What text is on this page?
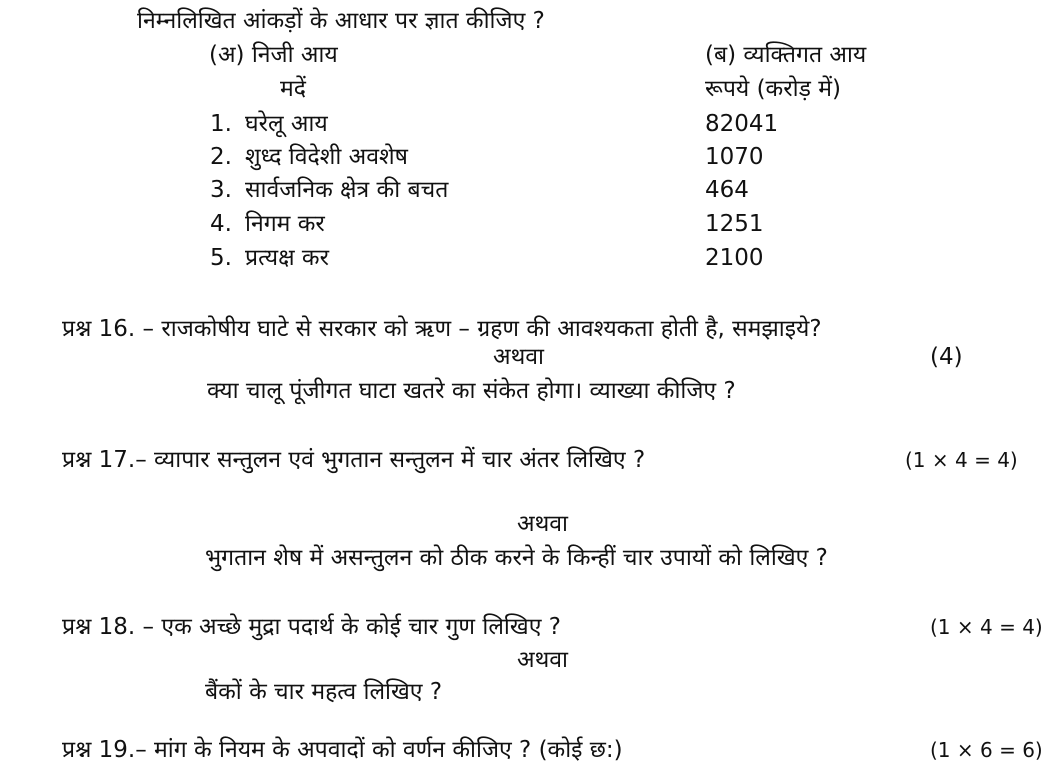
निम्नलिखित आंकड़ों के आधार पर ज्ञात कीजिए ?
(अ) निजी आय	(ब) व्यक्तिगत आय
मदें	रूपये (करोड़ में)
1. घरेलू आय	82041
2. शुध्द विदेशी अवशेष	1070
3. सार्वजनिक क्षेत्र की बचत	464
4. निगम कर	1251
5. प्रत्यक्ष कर	2100
प्रश्न 16. – राजकोषीय घाटे से सरकार को ऋण – ग्रहण की आवश्यकता होती है, समझाइये?
अथवा	(4)
क्या चालू पूंजीगत घाटा खतरे का संकेत होगा। व्याख्या कीजिए ?
प्रश्न 17.– व्यापार सन्तुलन एवं भुगतान सन्तुलन में चार अंतर लिखिए ?	(1 × 4 = 4)
अथवा
भुगतान शेष में असन्तुलन को ठीक करने के किन्हीं चार उपायों को लिखिए ?
प्रश्न 18. – एक अच्छे मुद्रा पदार्थ के कोई चार गुण लिखिए ?	(1 × 4 = 4)
अथवा
बैंकों के चार महत्व लिखिए ?
प्रश्न 19.– मांग के नियम के अपवादों को वर्णन कीजिए ? (कोई छ:)	(1 × 6 = 6)
